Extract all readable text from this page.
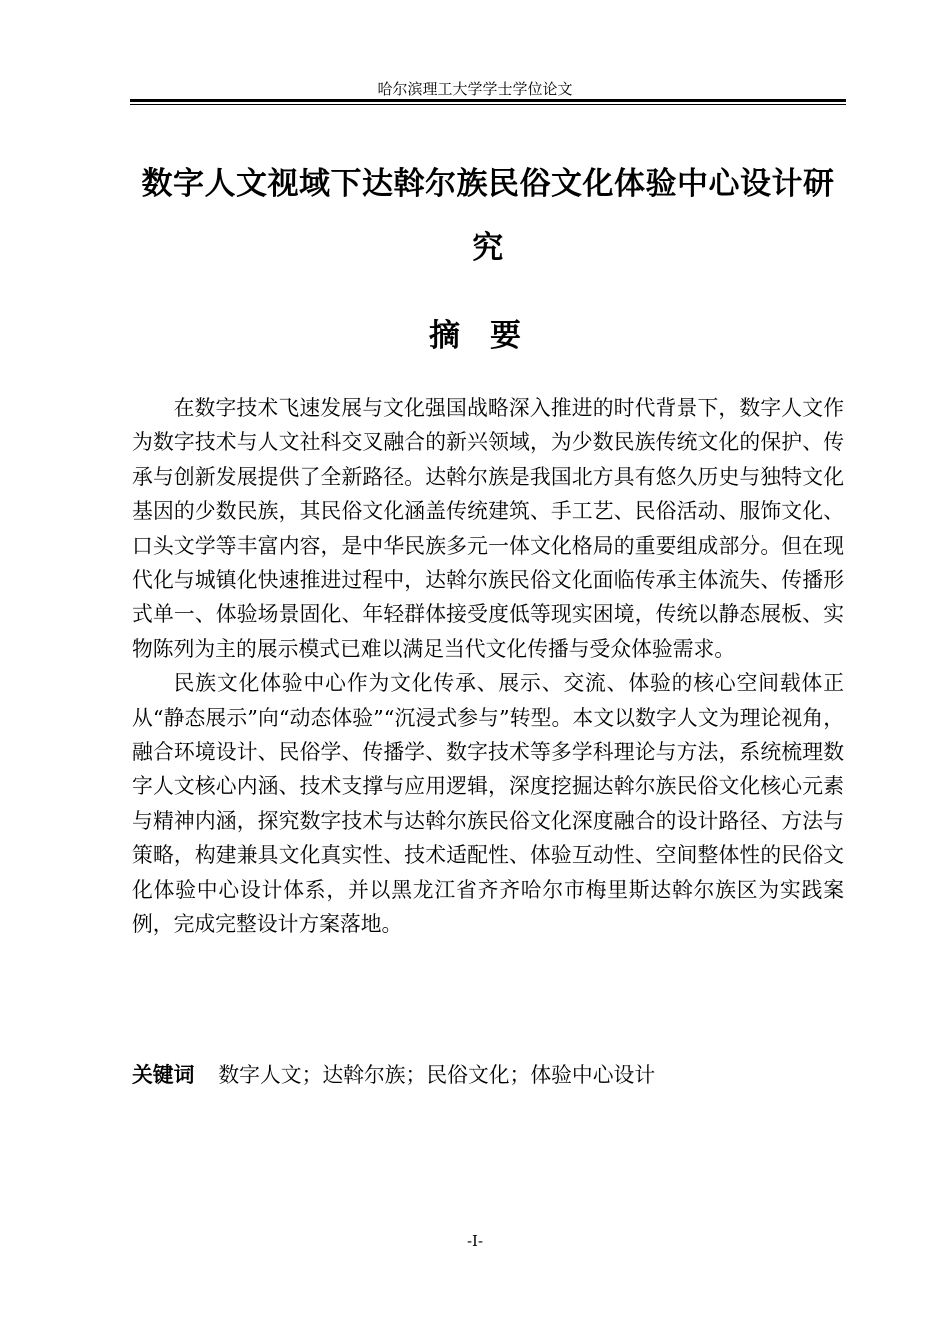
哈尔滨理工大学学士学位论文
数字人文视域下达斡尔族民俗文化体验中心设计研究
摘要

在数字技术飞速发展与文化强国战略深入推进的时代背景下，数字人文作为数字技术与人文社科交叉融合的新兴领域，为少数民族传统文化的保护、传承与创新发展提供了全新路径。达斡尔族是我国北方具有悠久历史与独特文化基因的少数民族，其民俗文化涵盖传统建筑、手工艺、民俗活动、服饰文化、口头文学等丰富内容，是中华民族多元一体文化格局的重要组成部分。但在现代化与城镇化快速推进过程中，达斡尔族民俗文化面临传承主体流失、传播形式单一、体验场景固化、年轻群体接受度低等现实困境，传统以静态展板、实物陈列为主的展示模式已难以满足当代文化传播与受众体验需求。

民族文化体验中心作为文化传承、展示、交流、体验的核心空间载体正从“静态展示”向“动态体验”“沉浸式参与”转型。本文以数字人文为理论视角，融合环境设计、民俗学、传播学、数字技术等多学科理论与方法，系统梳理数字人文核心内涵、技术支撑与应用逻辑，深度挖掘达斡尔族民俗文化核心元素与精神内涵，探究数字技术与达斡尔族民俗文化深度融合的设计路径、方法与策略，构建兼具文化真实性、技术适配性、体验互动性、空间整体性的民俗文化体验中心设计体系，并以黑龙江省齐齐哈尔市梅里斯达斡尔族区为实践案例，完成完整设计方案落地。

关键词 数字人文；达斡尔族；民俗文化；体验中心设计
-I-
